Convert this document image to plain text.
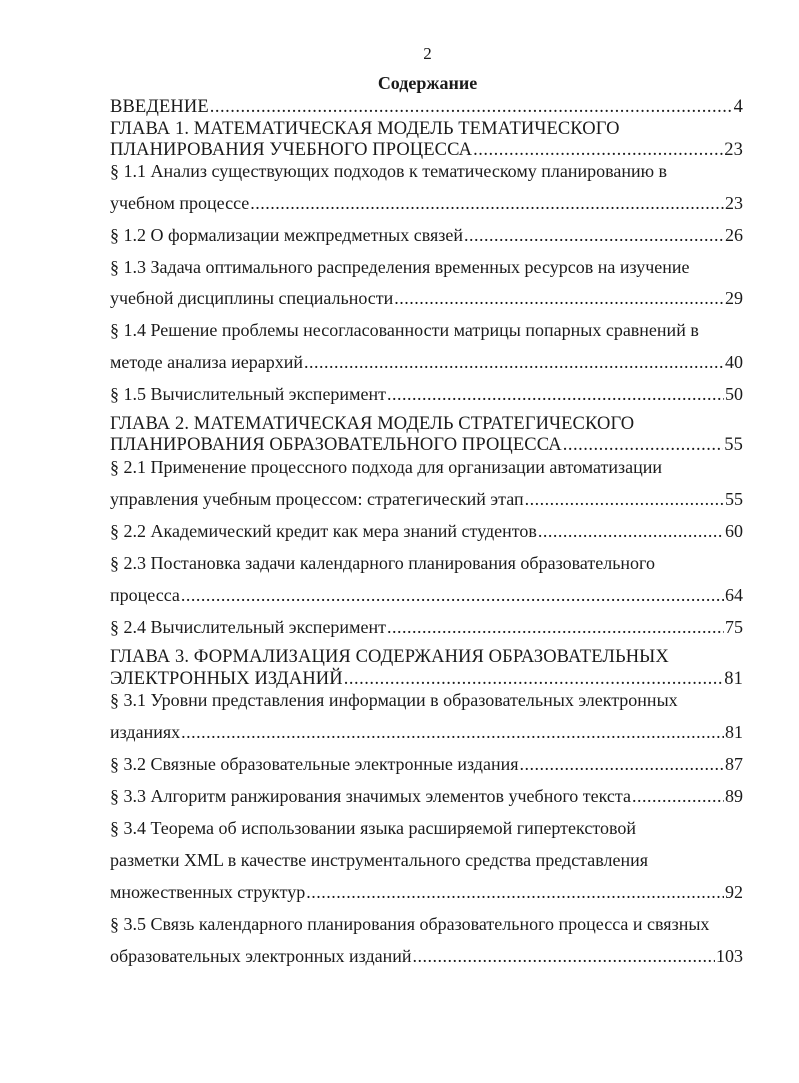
2
Содержание
ВВЕДЕНИЕ .....	4
ГЛАВА 1. МАТЕМАТИЧЕСКАЯ МОДЕЛЬ ТЕМАТИЧЕСКОГО
ПЛАНИРОВАНИЯ УЧЕБНОГО ПРОЦЕССА .....	23
§ 1.1 Анализ существующих подходов к тематическому планированию в
учебном процессе .....	23
§ 1.2 О формализации межпредметных связей .....	26
§ 1.3 Задача оптимального распределения временных ресурсов на изучение
учебной дисциплины специальности .....	29
§ 1.4 Решение проблемы несогласованности матрицы попарных сравнений в
методе анализа иерархий .....	40
§ 1.5 Вычислительный эксперимент .....	50
ГЛАВА 2. МАТЕМАТИЧЕСКАЯ МОДЕЛЬ СТРАТЕГИЧЕСКОГО
ПЛАНИРОВАНИЯ ОБРАЗОВАТЕЛЬНОГО ПРОЦЕССА .....	55
§ 2.1 Применение процессного подхода для организации автоматизации
управления учебным процессом: стратегический этап .....	55
§ 2.2 Академический кредит как мера знаний студентов .....	60
§ 2.3 Постановка задачи календарного планирования образовательного
процесса .....	64
§ 2.4 Вычислительный эксперимент .....	75
ГЛАВА 3. ФОРМАЛИЗАЦИЯ СОДЕРЖАНИЯ ОБРАЗОВАТЕЛЬНЫХ
ЭЛЕКТРОННЫХ ИЗДАНИЙ .....	81
§ 3.1 Уровни представления информации в образовательных электронных
изданиях .....	81
§ 3.2 Связные образовательные электронные издания .....	87
§ 3.3 Алгоритм ранжирования значимых элементов учебного текста .....	89
§ 3.4 Теорема об использовании языка расширяемой гипертекстовой
разметки XML в качестве инструментального средства представления
множественных структур .....	92
§ 3.5 Связь календарного планирования образовательного процесса и связных
образовательных электронных изданий .....	103
